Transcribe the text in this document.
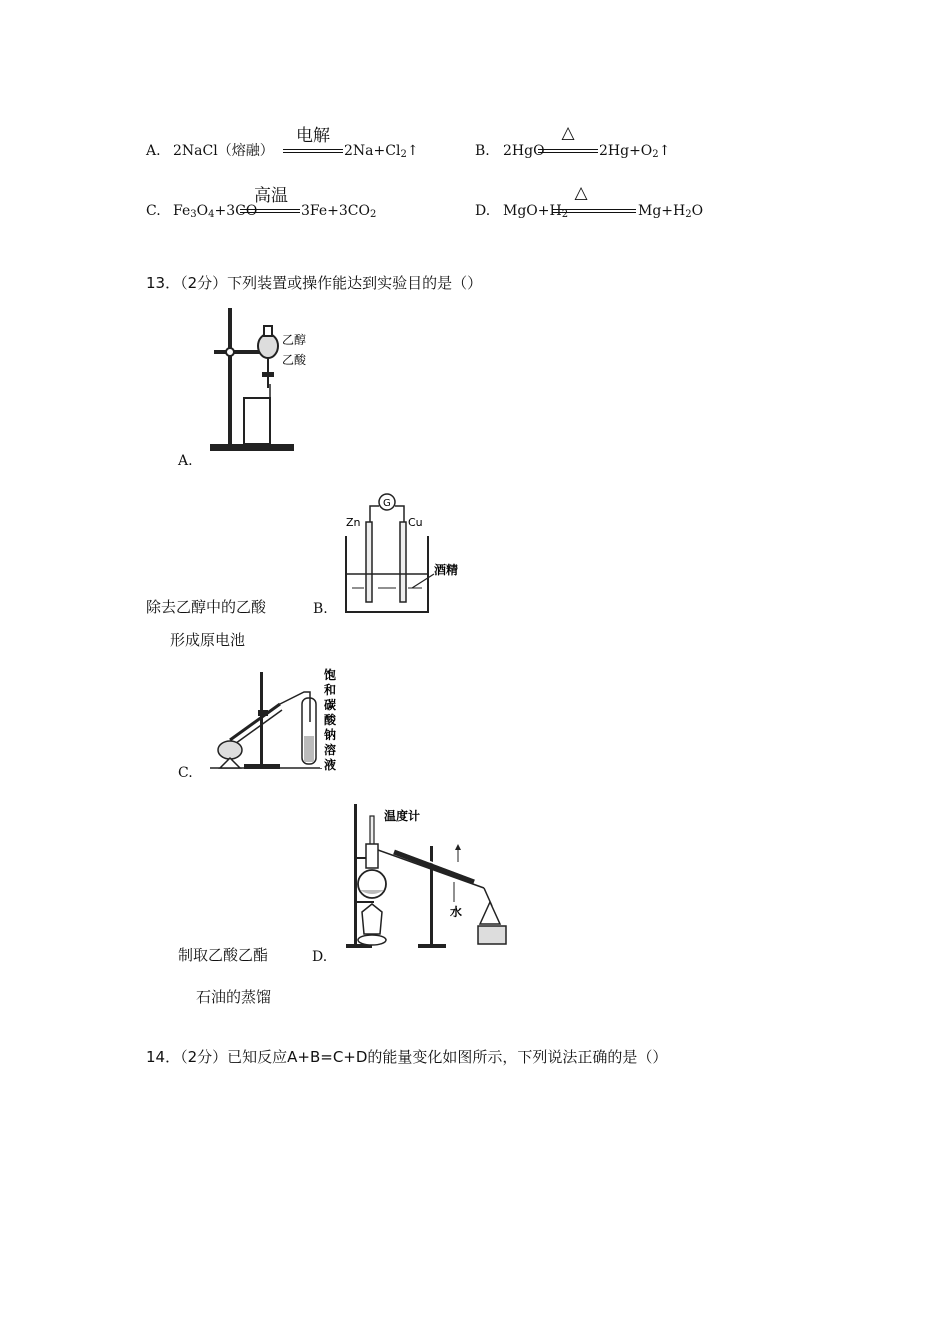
A. 2NaCl（熔融）
电解
$2Na+Cl_2↑$	B. 2HgO
△
$2Hg+O_2↑$
C. $Fe_3O_4+3CO$
高温
$3Fe+3CO_2$	D. $MgO+H_2$
△
$Mg+H_2O$
13．（2分）下列装置或操作能达到实验目的是（）
乙醇
乙酸
A.
G
Zn	Cu
酒精
除去乙醇中的乙酸	B.
形成原电池
饱
和
碳
酸
钠
溶
液
C.
温度计
水
制取乙酸乙酯	D.
石油的蒸馏
14．（2分）已知反应A+B=C+D的能量变化如图所示，下列说法正确的是（）
